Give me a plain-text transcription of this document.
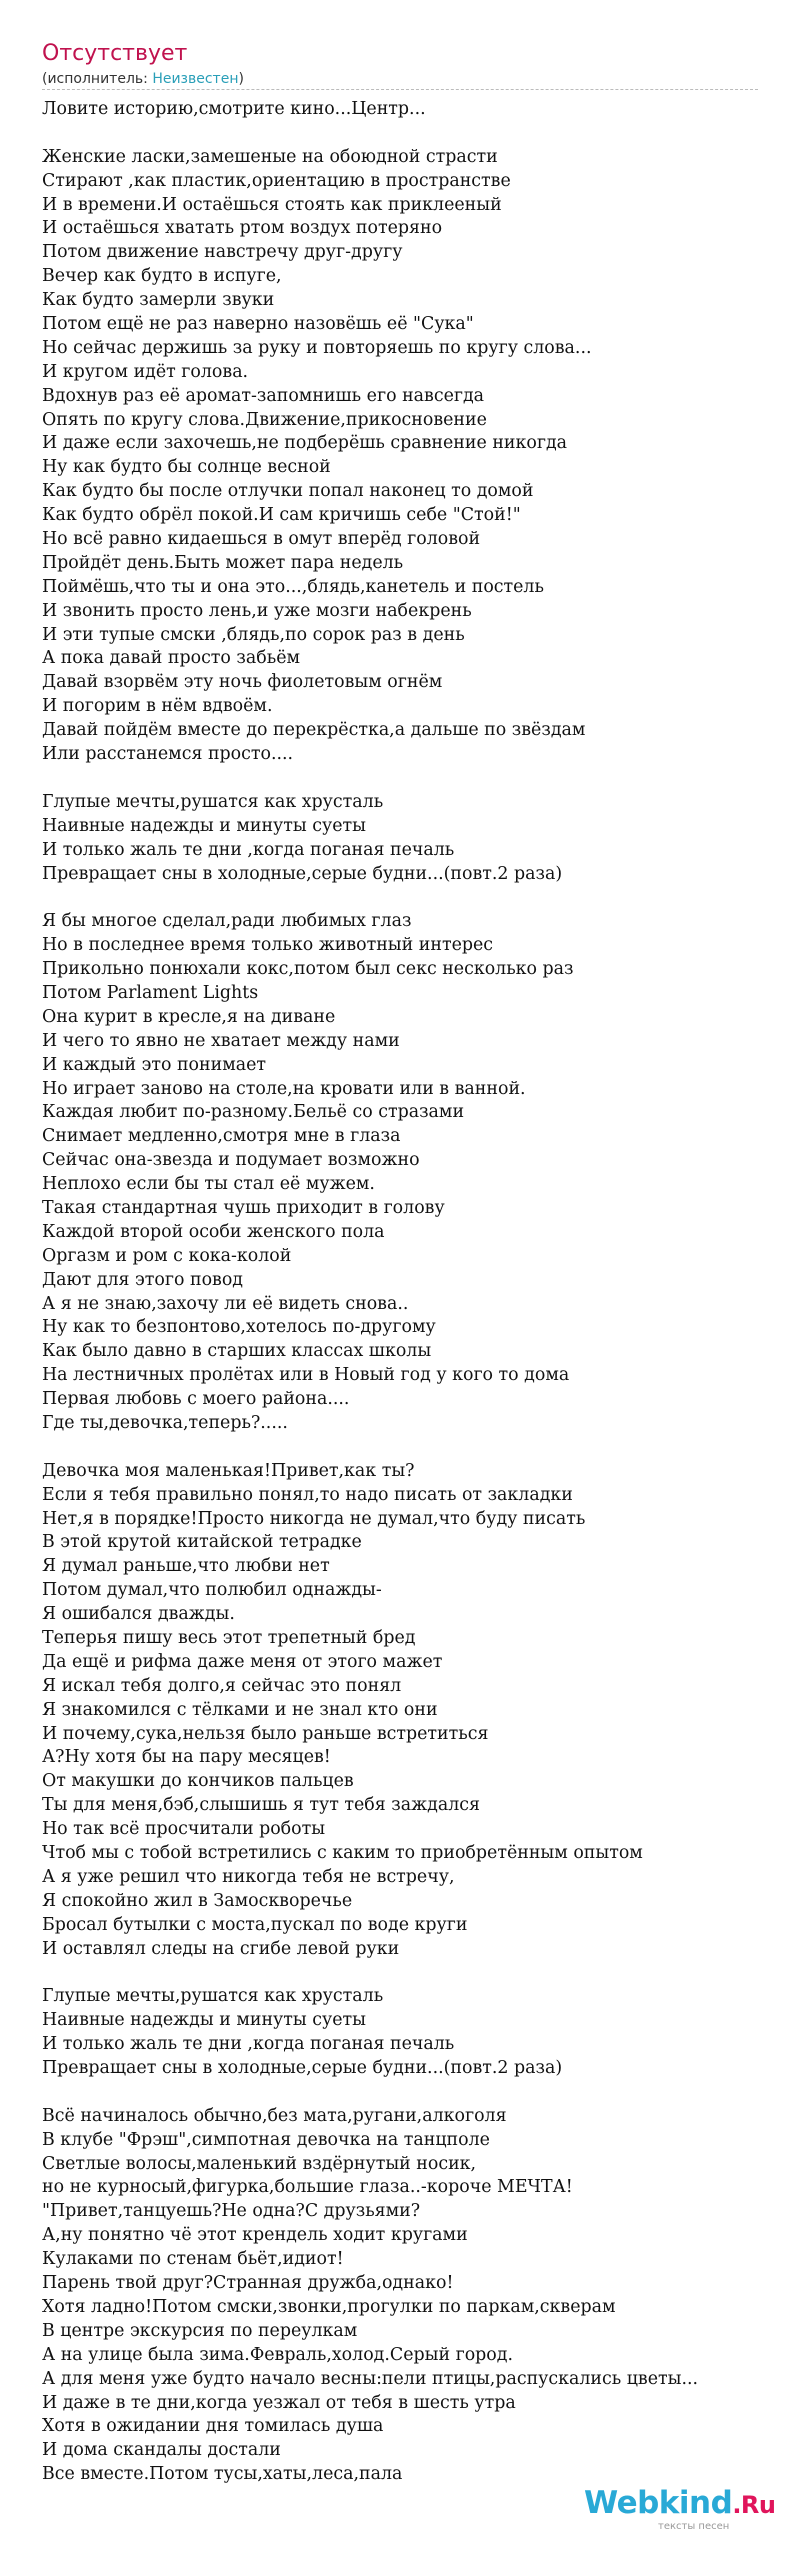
Отсутствует
(исполнитель: Неизвестен)
Ловите историю,смотрите кино...Центр...
Женские ласки,замешеные на обоюдной страсти
Стирают ,как пластик,ориентацию в пространстве
И в времени.И остаёшься стоять как приклееный
И остаёшься хватать ртом воздух потеряно
Потом движение навстречу друг-другу
Вечер как будто в испуге,
Как будто замерли звуки
Потом ещё не раз наверно назовёшь её "Сука"
Но сейчас держишь за руку и повторяешь по кругу слова...
И кругом идёт голова.
Вдохнув раз её аромат-запомнишь его навсегда
Опять по кругу слова.Движение,прикосновение
И даже если захочешь,не подберёшь сравнение никогда
Ну как будто бы солнце весной
Как будто бы после отлучки попал наконец то домой
Как будто обрёл покой.И сам кричишь себе "Стой!"
Но всё равно кидаешься в омут вперёд головой
Пройдёт день.Быть может пара недель
Поймёшь,что ты и она это...,блядь,канетель и постель
И звонить просто лень,и уже мозги набекрень
И эти тупые смски ,блядь,по сорок раз в день
А пока давай просто забьём
Давай взорвём эту ночь фиолетовым огнём
И погорим в нём вдвоём.
Давай пойдём вместе до перекрёстка,а дальше по звёздам
Или расстанемся просто....
Глупые мечты,рушатся как хрусталь
Наивные надежды и минуты суеты
И только жаль те дни ,когда поганая печаль
Превращает сны в холодные,серые будни...(повт.2 раза)
Я бы многое сделал,ради любимых глаз
Но в последнее время только животный интерес
Прикольно понюхали кокс,потом был секс несколько раз
Потом Parlament Lights
Она курит в кресле,я на диване
И чего то явно не хватает между нами
И каждый это понимает
Но играет заново на столе,на кровати или в ванной.
Каждая любит по-разному.Бельё со стразами
Снимает медленно,смотря мне в глаза
Сейчас она-звезда и подумает возможно
Неплохо если бы ты стал её мужем.
Такая стандартная чушь приходит в голову
Каждой второй особи женского пола
Оргазм и ром с кока-колой
Дают для этого повод
А я не знаю,захочу ли её видеть снова..
Ну как то безпонтово,хотелось по-другому
Как было давно в старших классах школы
На лестничных пролётах или в Новый год у кого то дома
Первая любовь с моего района....
Где ты,девочка,теперь?.....
Девочка моя маленькая!Привет,как ты?
Если я тебя правильно понял,то надо писать от закладки
Нет,я в порядке!Просто никогда не думал,что буду писать
В этой крутой китайской тетрадке
Я думал раньше,что любви нет
Потом думал,что полюбил однажды-
Я ошибался дважды.
Теперья пишу весь этот трепетный бред
Да ещё и рифма даже меня от этого мажет
Я искал тебя долго,я сейчас это понял
Я знакомился с тёлками и не знал кто они
И почему,сука,нельзя было раньше встретиться
А?Ну хотя бы на пару месяцев!
От макушки до кончиков пальцев
Ты для меня,бэб,слышишь я тут тебя заждался
Но так всё просчитали роботы
Чтоб мы с тобой встретились с каким то приобретённым опытом
А я уже решил что никогда тебя не встречу,
Я спокойно жил в Замоскворечье
Бросал бутылки с моста,пускал по воде круги
И оставлял следы на сгибе левой руки
Глупые мечты,рушатся как хрусталь
Наивные надежды и минуты суеты
И только жаль те дни ,когда поганая печаль
Превращает сны в холодные,серые будни...(повт.2 раза)
Всё начиналось обычно,без мата,ругани,алкоголя
В клубе "Фрэш",симпотная девочка на танцполе
Светлые волосы,маленький вздёрнутый носик,
но не курносый,фигурка,большие глаза..-короче МЕЧТА!
"Привет,танцуешь?Не одна?С друзьями?
А,ну понятно чё этот крендель ходит кругами
Кулаками по стенам бьёт,идиот!
Парень твой друг?Странная дружба,однако!
Хотя ладно!Потом смски,звонки,прогулки по паркам,скверам
В центре экскурсия по переулкам
А на улице была зима.Февраль,холод.Серый город.
А для меня уже будто начало весны:пели птицы,распускались цветы...
И даже в те дни,когда уезжал от тебя в шесть утра
Хотя в ожидании дня томилась душа
И дома скандалы достали
Все вместе.Потом тусы,хаты,леса,пала
Webkind.Ru
тексты песен
